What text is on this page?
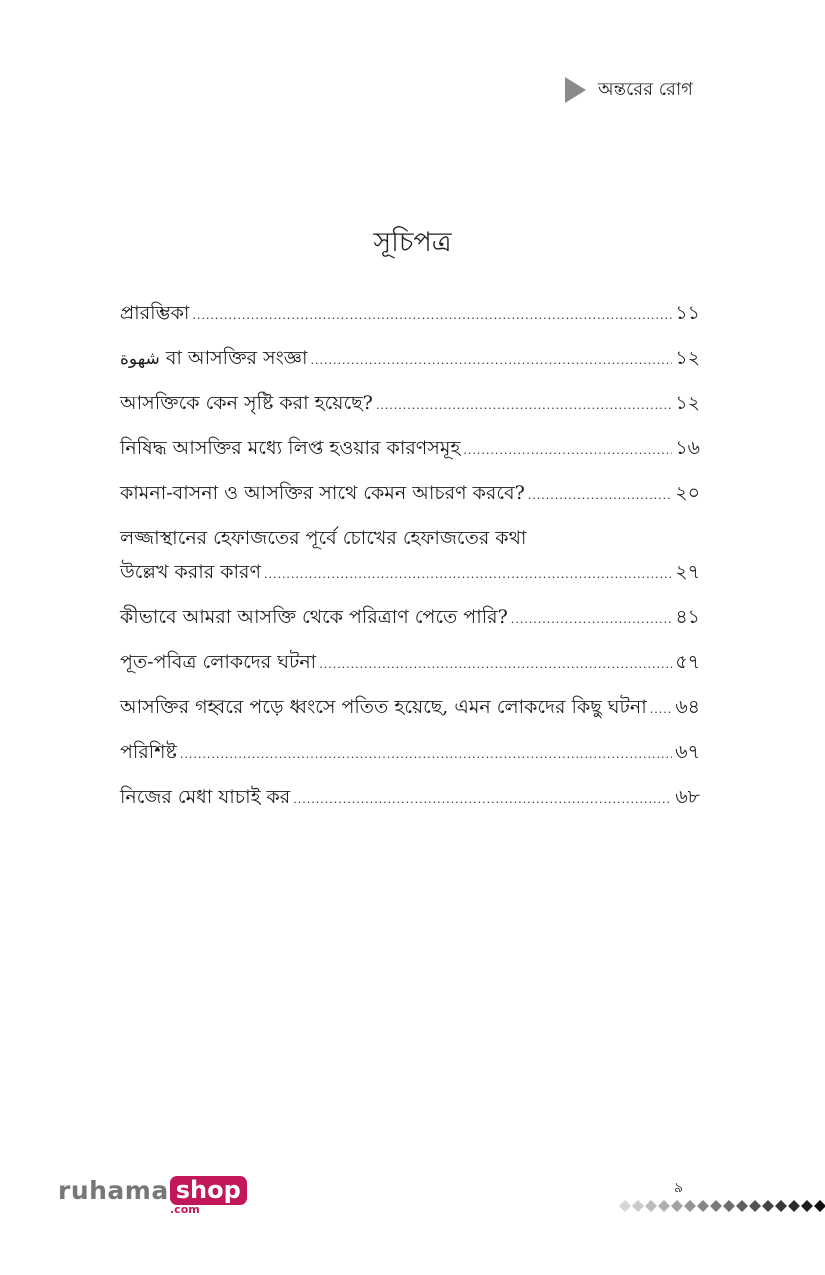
অন্তরের রোগ
সূচিপত্র
প্রারম্ভিকা .....	১১
شهوة বা আসক্তির সংজ্ঞা .....	১২
আসক্তিকে কেন সৃষ্টি করা হয়েছে? .....	১২
নিষিদ্ধ আসক্তির মধ্যে লিপ্ত হওয়ার কারণসমূহ .....	১৬
কামনা-বাসনা ও আসক্তির সাথে কেমন আচরণ করবে? .....	২০
লজ্জাস্থানের হেফাজতের পূর্বে চোখের হেফাজতের কথা
উল্লেখ করার কারণ .....	২৭
কীভাবে আমরা আসক্তি থেকে পরিত্রাণ পেতে পারি? .....	৪১
পূত-পবিত্র লোকদের ঘটনা .....	৫৭
আসক্তির গহ্বরে পড়ে ধ্বংসে পতিত হয়েছে, এমন লোকদের কিছু ঘটনা ..... ৬৪
পরিশিষ্ট .....	৬৭
নিজের মেধা যাচাই কর .....	৬৮
ruhama shop
.com
৯
